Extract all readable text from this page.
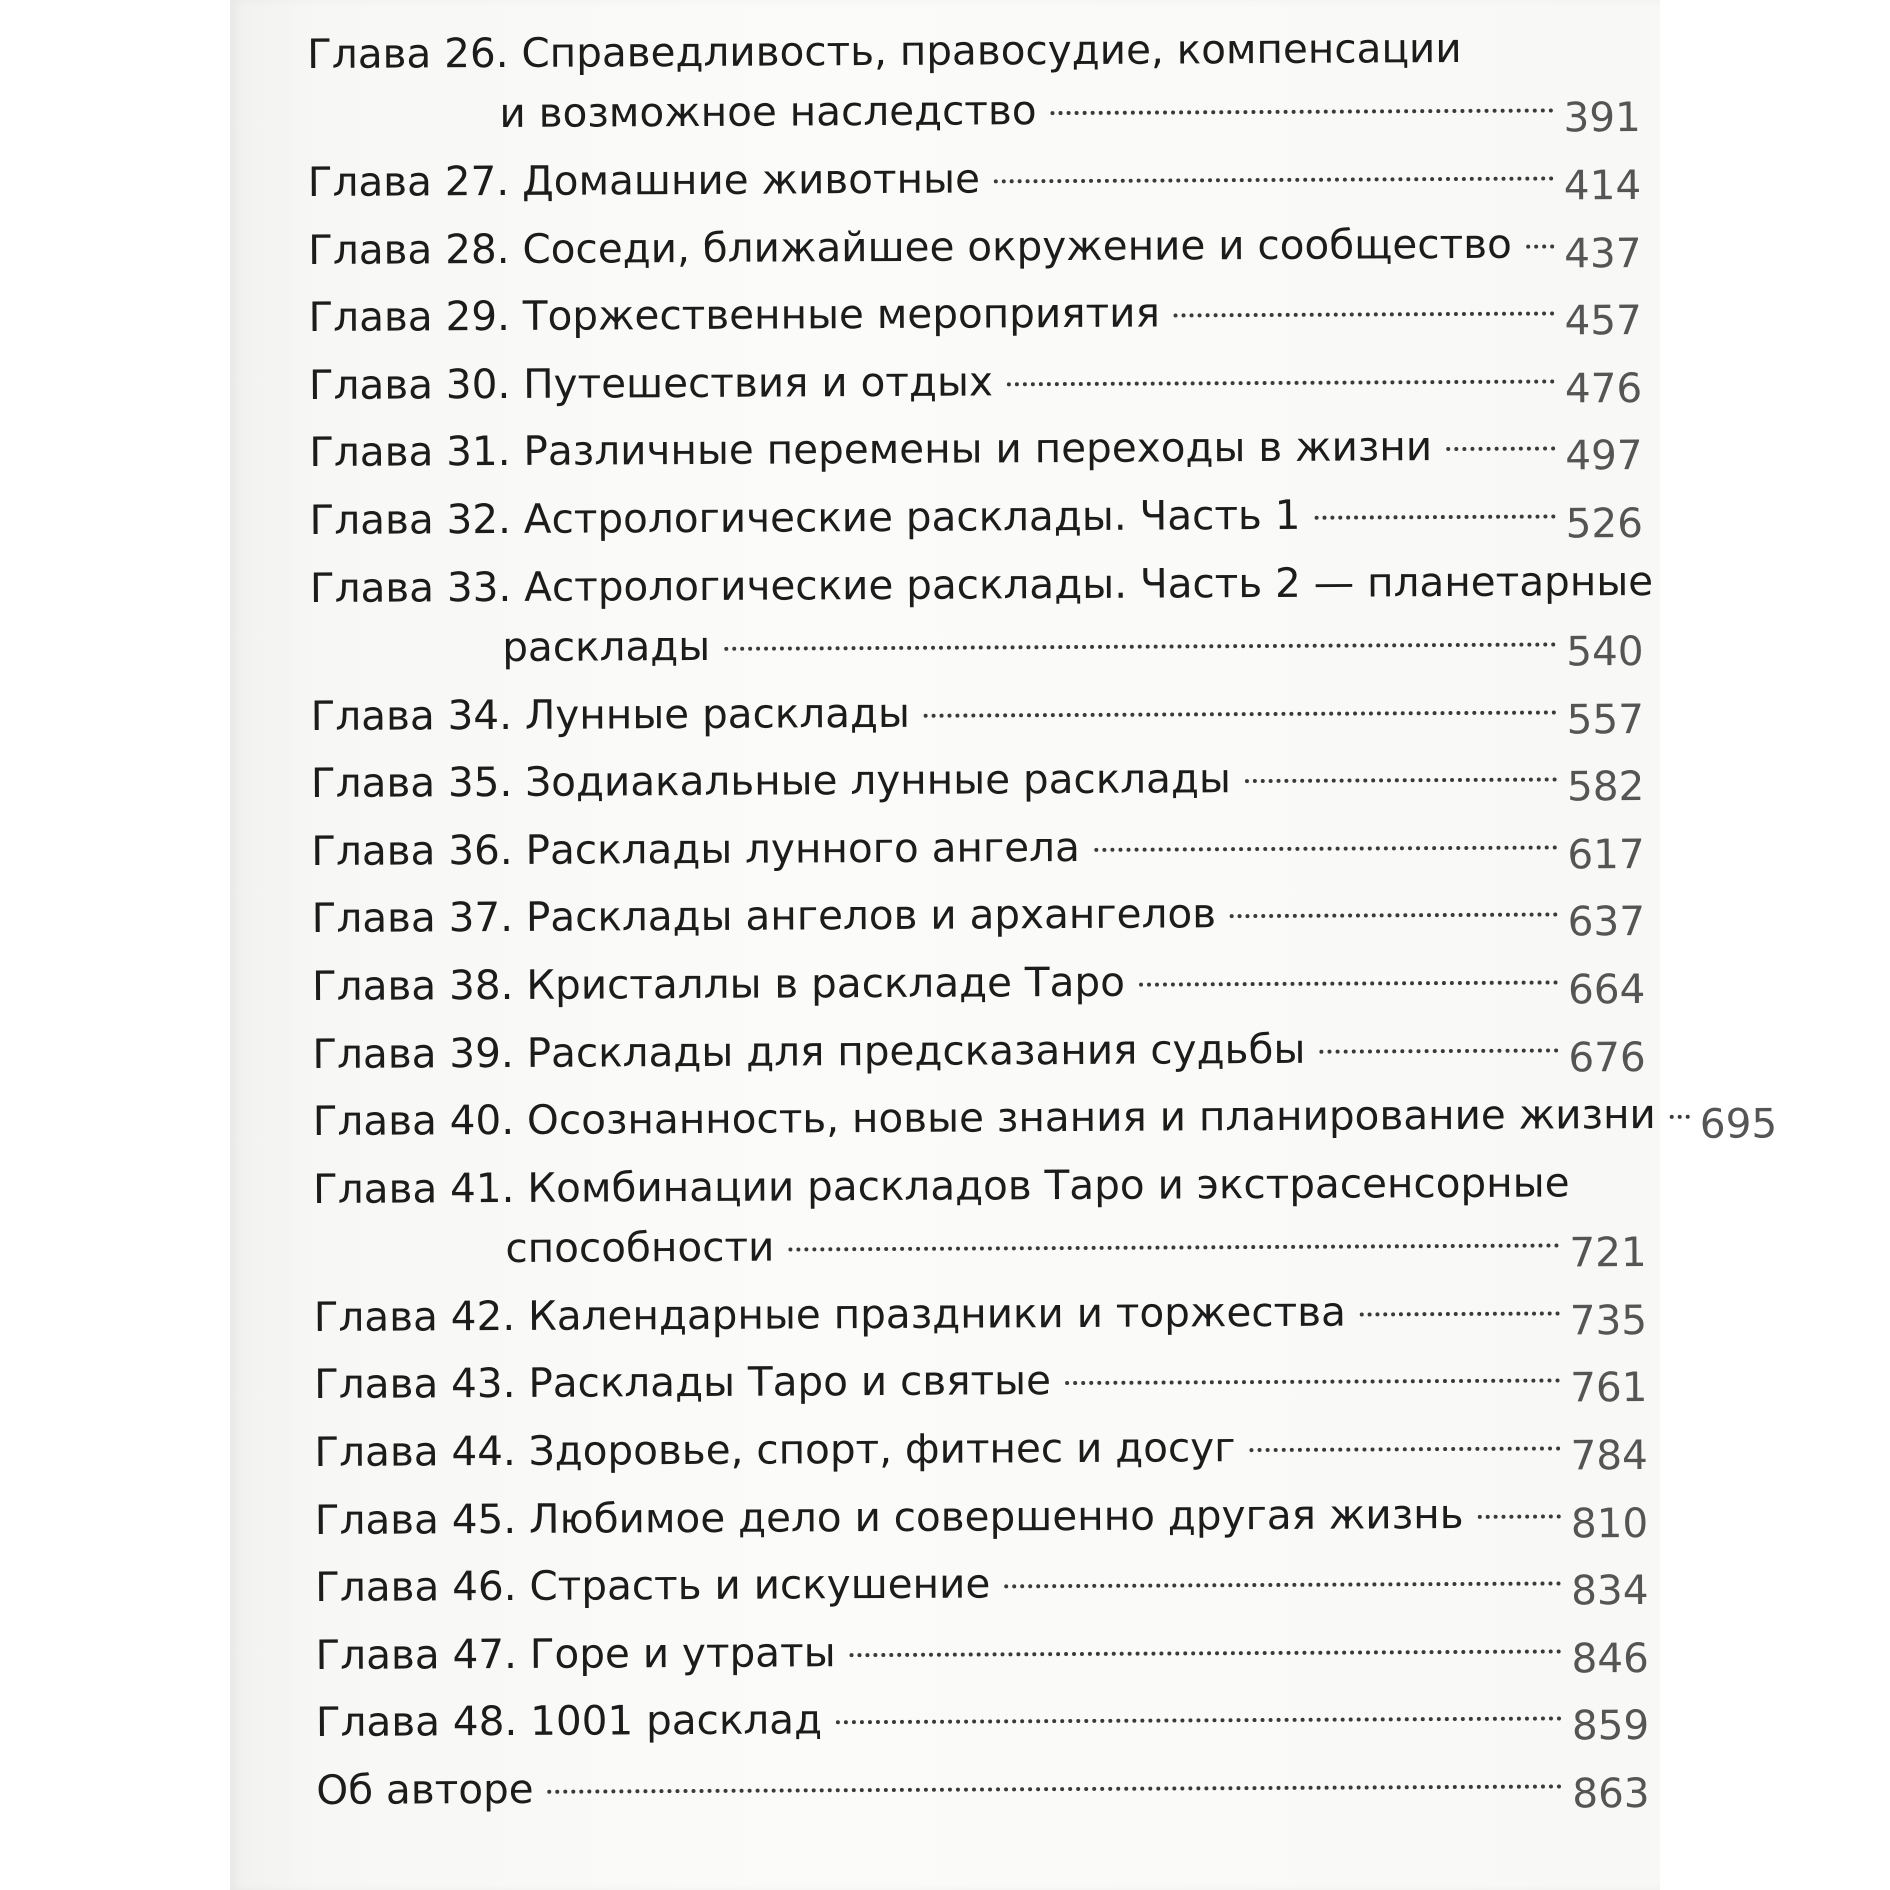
Глава 26. Справедливость, правосудие, компенсации
и возможное наследство	391
Глава 27. Домашние животные	414
Глава 28. Соседи, ближайшее окружение и сообщество 437
Глава 29. Торжественные мероприятия	457
Глава 30. Путешествия и отдых	476
Глава 31. Различные перемены и переходы в жизни	497
Глава 32. Астрологические расклады. Часть 1	526
Глава 33. Астрологические расклады. Часть 2 — планетарные
расклады	540
Глава 34. Лунные расклады	557
Глава 35. Зодиакальные лунные расклады	582
Глава 36. Расклады лунного ангела	617
Глава 37. Расклады ангелов и архангелов	637
Глава 38. Кристаллы в раскладе Таро	664
Глава 39. Расклады для предсказания судьбы	676
Глава 40. Осознанность, новые знания и планирование жизни 695
Глава 41. Комбинации раскладов Таро и экстрасенсорные
способности	721
Глава 42. Календарные праздники и торжества	735
Глава 43. Расклады Таро и святые	761
Глава 44. Здоровье, спорт, фитнес и досуг	784
Глава 45. Любимое дело и совершенно другая жизнь	810
Глава 46. Страсть и искушение	834
Глава 47. Горе и утраты	846
Глава 48. 1001 расклад	859
Об авторе	863
